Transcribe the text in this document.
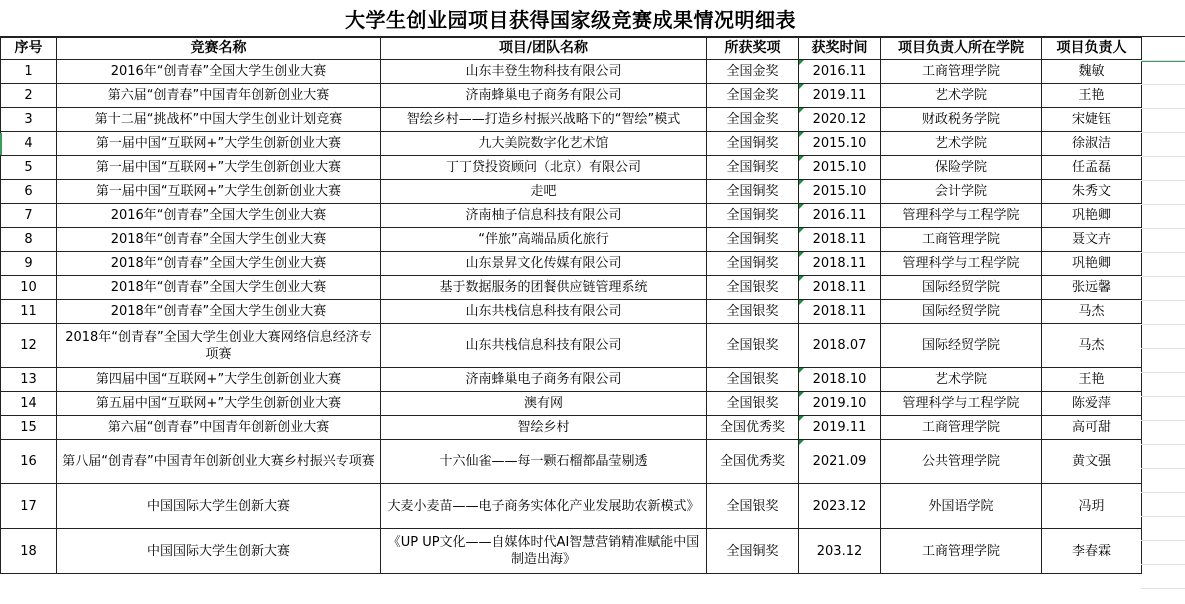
大学生创业园项目获得国家级竞赛成果情况明细表
序号	竞赛名称	项目/团队名称	所获奖项	获奖时间	项目负责人所在学院	项目负责人
1	2016年“创青春”全国大学生创业大赛	山东丰登生物科技有限公司	全国金奖	2016.11	工商管理学院	魏敏
2	第六届“创青春”中国青年创新创业大赛	济南蜂巢电子商务有限公司	全国金奖	2019.11	艺术学院	王艳
3	第十二届“挑战杯”中国大学生创业计划竞赛	智绘乡村——打造乡村振兴战略下的“智绘”模式	全国金奖	2020.12	财政税务学院	宋婕钰
4	第一届中国“互联网+”大学生创新创业大赛	九大美院数字化艺术馆	全国铜奖	2015.10	艺术学院	徐淑洁
5	第一届中国“互联网+”大学生创新创业大赛	丁丁贷投资顾问（北京）有限公司	全国铜奖	2015.10	保险学院	任孟磊
6	第一届中国“互联网+”大学生创新创业大赛	走吧	全国铜奖	2015.10	会计学院	朱秀文
7	2016年“创青春”全国大学生创业大赛	济南柚子信息科技有限公司	全国铜奖	2016.11	管理科学与工程学院	巩艳卿
8	2018年“创青春”全国大学生创业大赛	“伴旅”高端品质化旅行	全国铜奖	2018.11	工商管理学院	聂文卉
9	2018年“创青春”全国大学生创业大赛	山东景昇文化传媒有限公司	全国铜奖	2018.11	管理科学与工程学院	巩艳卿
10	2018年“创青春”全国大学生创业大赛	基于数据服务的团餐供应链管理系统	全国银奖	2018.11	国际经贸学院	张远馨
11	2018年“创青春”全国大学生创业大赛	山东共栈信息科技有限公司	全国银奖	2018.11	国际经贸学院	马杰
12	2018年“创青春”全国大学生创业大赛网络信息经济专项赛	山东共栈信息科技有限公司	全国银奖	2018.07	国际经贸学院	马杰
13	第四届中国“互联网+”大学生创新创业大赛	济南蜂巢电子商务有限公司	全国银奖	2018.10	艺术学院	王艳
14	第五届中国“互联网+”大学生创新创业大赛	澳有网	全国银奖	2019.10	管理科学与工程学院	陈爱萍
15	第六届“创青春”中国青年创新创业大赛	智绘乡村	全国优秀奖	2019.11	工商管理学院	高可甜
16	第八届“创青春”中国青年创新创业大赛乡村振兴专项赛	十六仙雀——每一颗石榴都晶莹剔透	全国优秀奖	2021.09	公共管理学院	黄文强
17	中国国际大学生创新大赛	大麦小麦苗——电子商务实体化产业发展助农新模式》	全国银奖	2023.12	外国语学院	冯玥
18	中国国际大学生创新大赛	《UP UP文化——自媒体时代AI智慧营销精准赋能中国制造出海》	全国铜奖	203.12	工商管理学院	李春霖
